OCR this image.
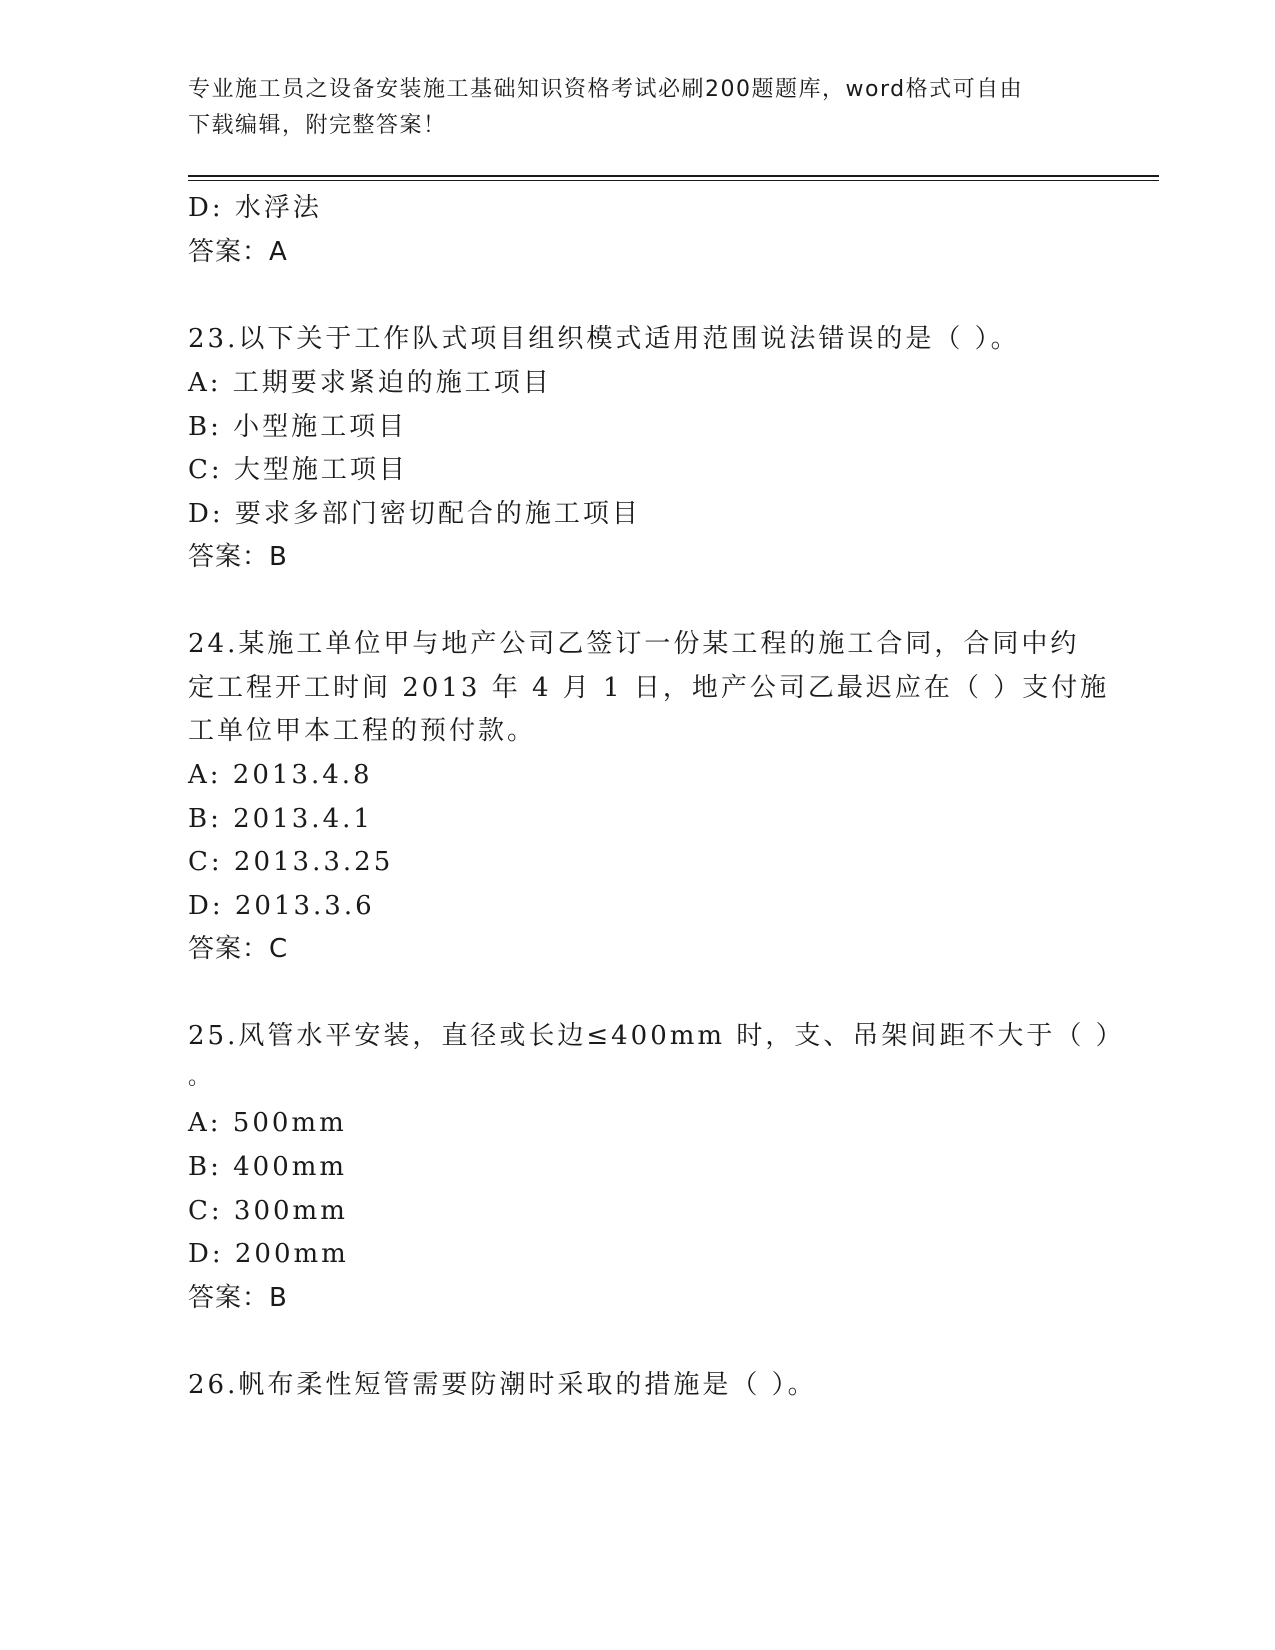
专业施工员之设备安装施工基础知识资格考试必刷200题题库，word格式可自由
下载编辑，附完整答案！
D: 水浮法
答案：A
23.以下关于工作队式项目组织模式适用范围说法错误的是（ ）。
A: 工期要求紧迫的施工项目
B: 小型施工项目
C: 大型施工项目
D: 要求多部门密切配合的施工项目
答案：B
24.某施工单位甲与地产公司乙签订一份某工程的施工合同，合同中约
定工程开工时间 2013 年 4 月 1 日，地产公司乙最迟应在（ ）支付施
工单位甲本工程的预付款。
A: 2013.4.8
B: 2013.4.1
C: 2013.3.25
D: 2013.3.6
答案：C
25.风管水平安装，直径或长边≤400mm 时，支、吊架间距不大于（ ）
。
A: 500mm
B: 400mm
C: 300mm
D: 200mm
答案：B
26.帆布柔性短管需要防潮时采取的措施是（ ）。
